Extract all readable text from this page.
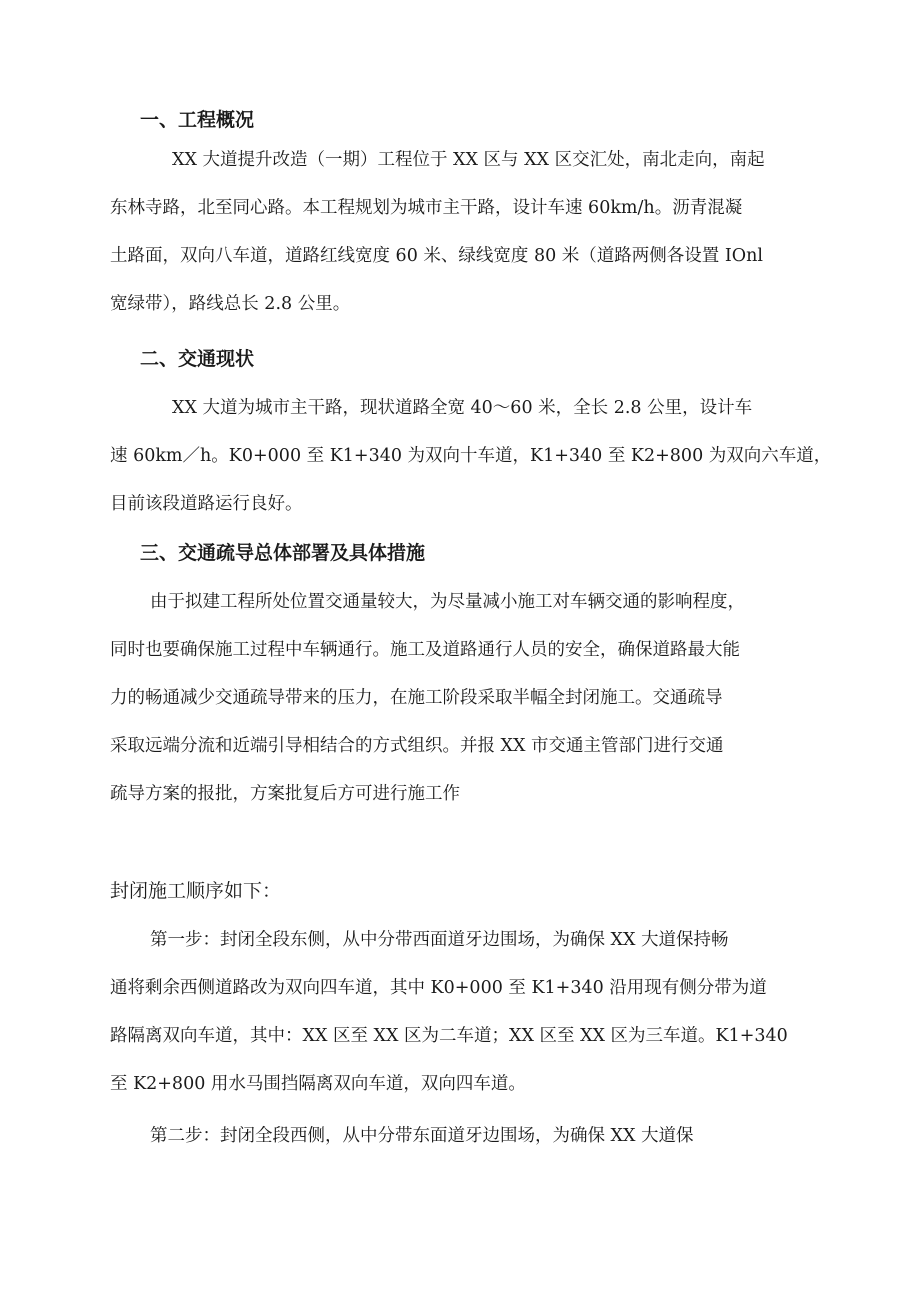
一、工程概况
XX 大道提升改造（一期）工程位于 XX 区与 XX 区交汇处，南北走向，南起
东林寺路，北至同心路。本工程规划为城市主干路，设计车速 60km/h。沥青混凝
土路面，双向八车道，道路红线宽度 60 米、绿线宽度 80 米（道路两侧各设置 IOnl
宽绿带），路线总长 2.8 公里。
二、交通现状
XX 大道为城市主干路，现状道路全宽 40～60 米，全长 2.8 公里，设计车
速 60km／h。K0+000 至 K1+340 为双向十车道，K1+340 至 K2+800 为双向六车道，
目前该段道路运行良好。
三、交通疏导总体部署及具体措施
由于拟建工程所处位置交通量较大，为尽量减小施工对车辆交通的影响程度，
同时也要确保施工过程中车辆通行。施工及道路通行人员的安全，确保道路最大能
力的畅通减少交通疏导带来的压力，在施工阶段采取半幅全封闭施工。交通疏导
采取远端分流和近端引导相结合的方式组织。并报 XX 市交通主管部门进行交通
疏导方案的报批，方案批复后方可进行施工作
封闭施工顺序如下：
第一步：封闭全段东侧，从中分带西面道牙边围场，为确保 XX 大道保持畅
通将剩余西侧道路改为双向四车道，其中 K0+000 至 K1+340 沿用现有侧分带为道
路隔离双向车道，其中：XX 区至 XX 区为二车道；XX 区至 XX 区为三车道。K1+340
至 K2+800 用水马围挡隔离双向车道，双向四车道。
第二步：封闭全段西侧，从中分带东面道牙边围场，为确保 XX 大道保
